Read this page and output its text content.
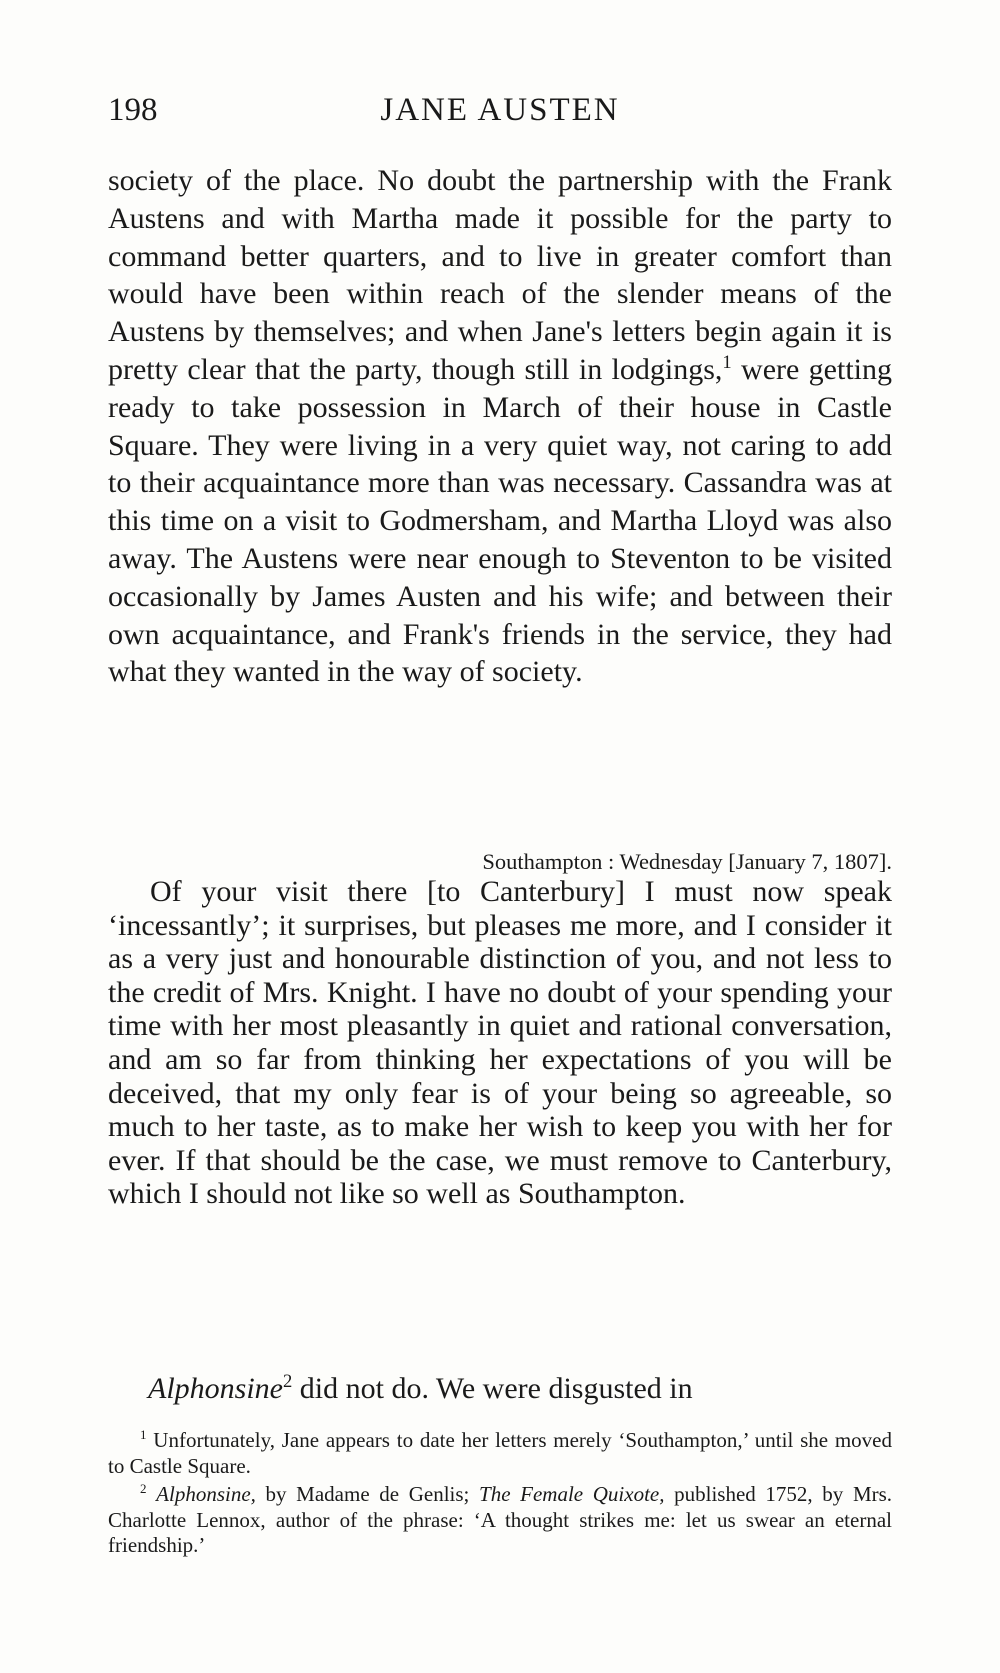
198	JANE AUSTEN

society of the place. No doubt the partnership with the Frank Austens and with Martha made it possible for the party to command better quarters, and to live in greater comfort than would have been within reach of the slender means of the Austens by themselves; and when Jane's letters begin again it is pretty clear that the party, though still in lodgings,$^1$ were getting ready to take possession in March of their house in Castle Square. They were living in a very quiet way, not caring to add to their acquaintance more than was necessary. Cassandra was at this time on a visit to Godmersham, and Martha Lloyd was also away. The Austens were near enough to Steventon to be visited occasionally by James Austen and his wife; and between their own acquaintance, and Frank's friends in the service, they had what they wanted in the way of society.

Southampton : Wednesday [January 7, 1807].

Of your visit there [to Canterbury] I must now speak ‘incessantly’; it surprises, but pleases me more, and I consider it as a very just and honourable distinction of you, and not less to the credit of Mrs. Knight. I have no doubt of your spending your time with her most pleasantly in quiet and rational conversation, and am so far from thinking her expectations of you will be deceived, that my only fear is of your being so agreeable, so much to her taste, as to make her wish to keep you with her for ever. If that should be the case, we must remove to Canterbury, which I should not like so well as Southampton.

Alphonsine$^2$ did not do. We were disgusted in

$^1$ Unfortunately, Jane appears to date her letters merely ‘Southampton,’ until she moved to Castle Square.

$^2$ Alphonsine, by Madame de Genlis; The Female Quixote, published 1752, by Mrs. Charlotte Lennox, author of the phrase: ‘A thought strikes me: let us swear an eternal friendship.’
